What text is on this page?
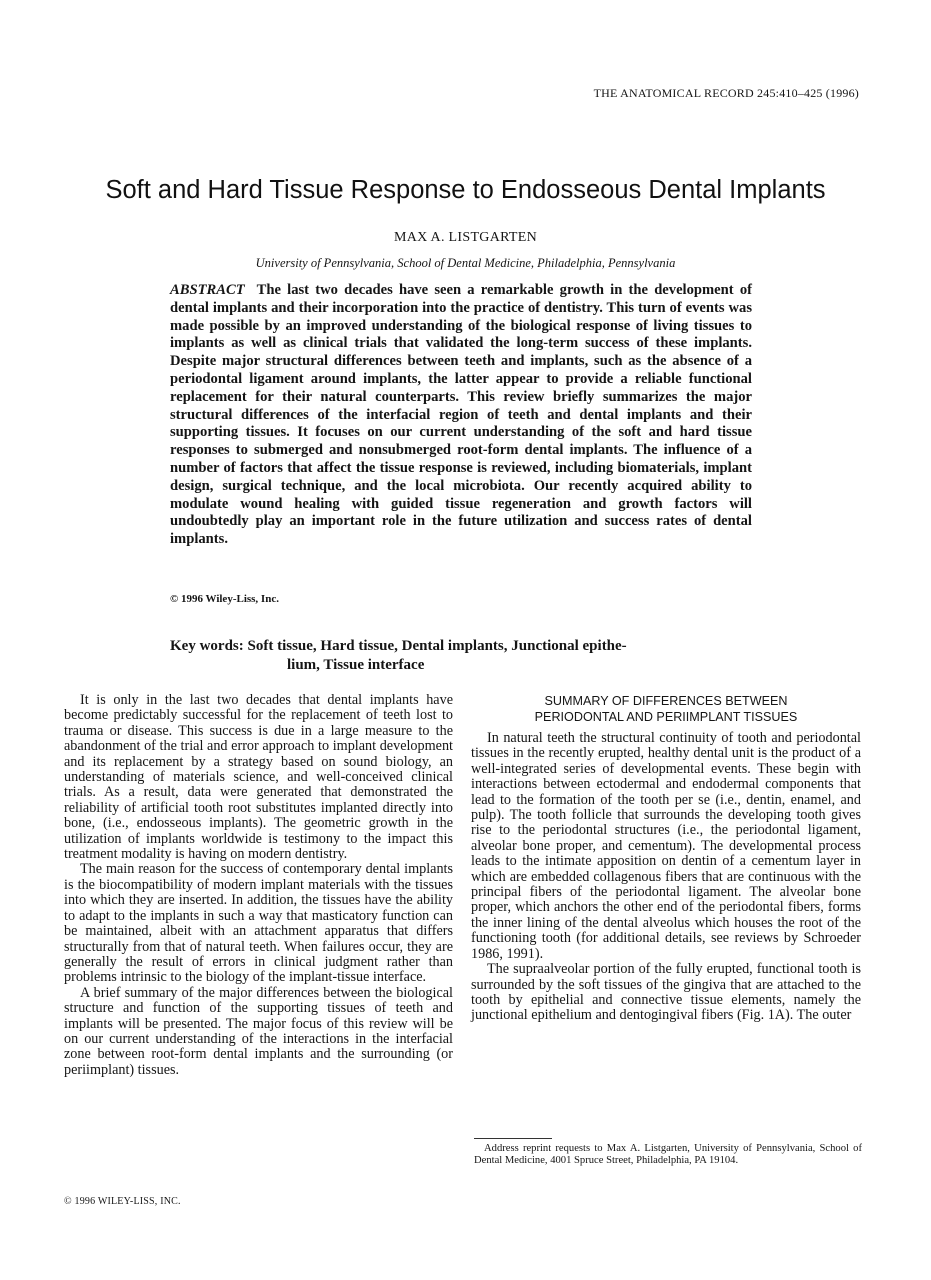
THE ANATOMICAL RECORD 245:410–425 (1996)
Soft and Hard Tissue Response to Endosseous Dental Implants
MAX A. LISTGARTEN
University of Pennsylvania, School of Dental Medicine, Philadelphia, Pennsylvania
ABSTRACT The last two decades have seen a remarkable growth in the development of dental implants and their incorporation into the practice of dentistry. This turn of events was made possible by an improved understanding of the biological response of living tissues to implants as well as clinical trials that validated the long-term success of these implants. Despite major structural differences between teeth and implants, such as the absence of a periodontal ligament around implants, the latter appear to provide a reliable functional replacement for their natural counterparts. This review briefly summarizes the major structural differences of the interfacial region of teeth and dental implants and their supporting tissues. It focuses on our current understanding of the soft and hard tissue responses to submerged and nonsubmerged root-form dental implants. The influence of a number of factors that affect the tissue response is reviewed, including biomaterials, implant design, surgical technique, and the local microbiota. Our recently acquired ability to modulate wound healing with guided tissue regeneration and growth factors will undoubtedly play an important role in the future utilization and success rates of dental implants.
© 1996 Wiley-Liss, Inc.
Key words: Soft tissue, Hard tissue, Dental implants, Junctional epithe-
lium, Tissue interface

It is only in the last two decades that dental implants have become predictably successful for the replacement of teeth lost to trauma or disease. This success is due in a large measure to the abandonment of the trial and error approach to implant development and its replacement by a strategy based on sound biology, an understanding of materials science, and well-conceived clinical trials. As a result, data were generated that demonstrated the reliability of artificial tooth root substitutes implanted directly into bone, (i.e., endosseous implants). The geometric growth in the utilization of implants worldwide is testimony to the impact this treatment modality is having on modern dentistry.

The main reason for the success of contemporary dental implants is the biocompatibility of modern implant materials with the tissues into which they are inserted. In addition, the tissues have the ability to adapt to the implants in such a way that masticatory function can be maintained, albeit with an attachment apparatus that differs structurally from that of natural teeth. When failures occur, they are generally the result of errors in clinical judgment rather than problems intrinsic to the biology of the implant-tissue interface.

A brief summary of the major differences between the biological structure and function of the supporting tissues of teeth and implants will be presented. The major focus of this review will be on our current understanding of the interactions in the interfacial zone between root-form dental implants and the surrounding (or periimplant) tissues.

SUMMARY OF DIFFERENCES BETWEEN
PERIODONTAL AND PERIIMPLANT TISSUES

In natural teeth the structural continuity of tooth and periodontal tissues in the recently erupted, healthy dental unit is the product of a well-integrated series of developmental events. These begin with interactions between ectodermal and endodermal components that lead to the formation of the tooth per se (i.e., dentin, enamel, and pulp). The tooth follicle that surrounds the developing tooth gives rise to the periodontal structures (i.e., the periodontal ligament, alveolar bone proper, and cementum). The developmental process leads to the intimate apposition on dentin of a cementum layer in which are embedded collagenous fibers that are continuous with the principal fibers of the periodontal ligament. The alveolar bone proper, which anchors the other end of the periodontal fibers, forms the inner lining of the dental alveolus which houses the root of the functioning tooth (for additional details, see reviews by Schroeder 1986, 1991).

The supraalveolar portion of the fully erupted, functional tooth is surrounded by the soft tissues of the gingiva that are attached to the tooth by epithelial and connective tissue elements, namely the junctional epithelium and dentogingival fibers (Fig. 1A). The outer

Address reprint requests to Max A. Listgarten, University of Pennsylvania, School of Dental Medicine, 4001 Spruce Street, Philadelphia, PA 19104.
© 1996 WILEY-LISS, INC.
